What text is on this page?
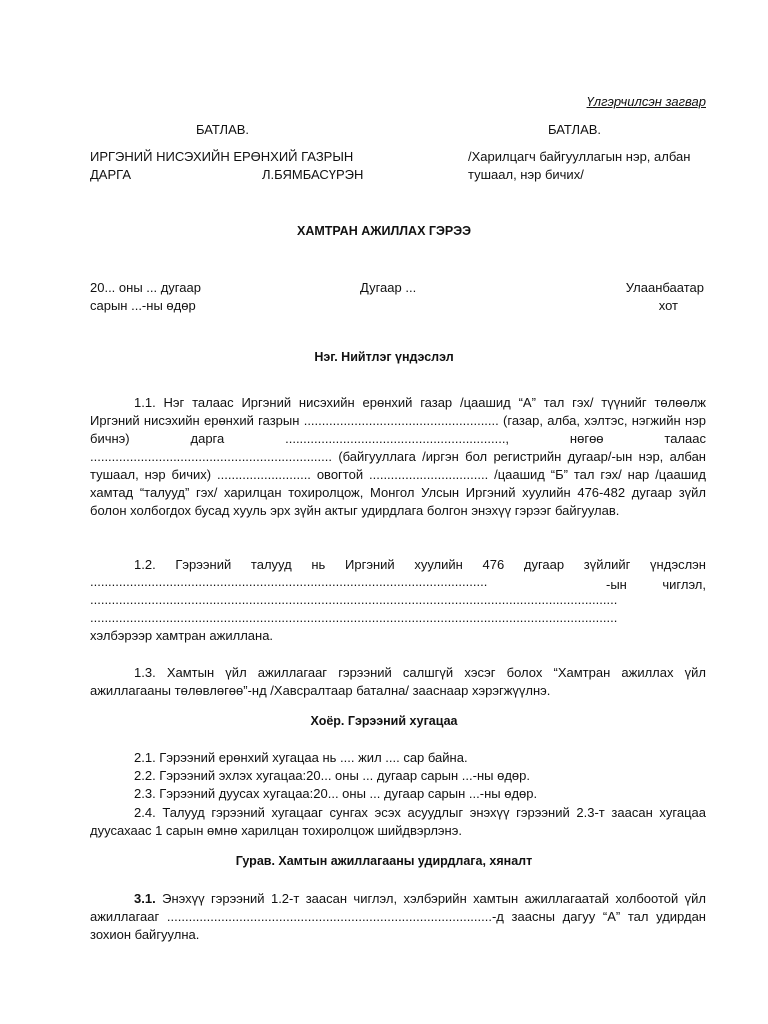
Үлгэрчилсэн загвар
БАТЛАВ.	БАТЛАВ.
ИРГЭНИЙ НИСЭХИЙН ЕРӨНХИЙ ГАЗРЫН
ДАРГА	Л.БЯМБАСҮРЭН
/Харилцагч байгууллагын нэр, албан
тушаал, нэр бичих/
ХАМТРАН АЖИЛЛАХ ГЭРЭЭ
20... оны ... дугаар
сарын ...-ны өдөр
Дугаар ...	Улаанбаатар
хот
Нэг. Нийтлэг үндэслэл
1.1. Нэг талаас Иргэний нисэхийн ерөнхий газар /цаашид “А” тал гэх/ түүнийг төлөөлж Иргэний нисэхийн ерөнхий газрын ...................................................... (газар, алба, хэлтэс, нэгжийн нэр бичнэ) дарга ............................................................., нөгөө талаас ................................................................... (байгууллага /иргэн бол регистрийн дугаар/-ын нэр, албан тушаал, нэр бичих) .......................... овогтой ................................. /цаашид “Б” тал гэх/ нар /цаашид хамтад “талууд” гэх/ харилцан тохиролцож, Монгол Улсын Иргэний хуулийн 476-482 дугаар зүйл болон холбогдох бусад хууль эрх зүйн актыг удирдлага болгон энэхүү гэрээг байгуулав.
1.2. Гэрээний талууд нь Иргэний хуулийн 476 дугаар зүйлийг үндэслэн
..............................................................................................................	-ын чиглэл,
..................................................................................................................................................
..................................................................................................................................................
хэлбэрээр хамтран ажиллана.
1.3. Хамтын үйл ажиллагааг гэрээний салшгүй хэсэг болох “Хамтран ажиллах үйл ажиллагааны төлөвлөгөө”-нд /Хавсралтаар батална/ зааснаар хэрэгжүүлнэ.
Хоёр. Гэрээний хугацаа
2.1. Гэрээний ерөнхий хугацаа нь .... жил .... сар байна.
2.2. Гэрээний эхлэх хугацаа:20... оны ... дугаар сарын ...-ны өдөр.
2.3. Гэрээний дуусах хугацаа:20... оны ... дугаар сарын ...-ны өдөр.
2.4. Талууд гэрээний хугацааг сунгах эсэх асуудлыг энэхүү гэрээний 2.3-т заасан хугацаа дуусахаас 1 сарын өмнө харилцан тохиролцож шийдвэрлэнэ.
Гурав. Хамтын ажиллагааны удирдлага, хяналт
3.1. Энэхүү гэрээний 1.2-т заасан чиглэл, хэлбэрийн хамтын ажиллагаатай холбоотой үйл ажиллагааг ..........................................................................................-д заасны дагуу “А” тал удирдан зохион байгуулна.
